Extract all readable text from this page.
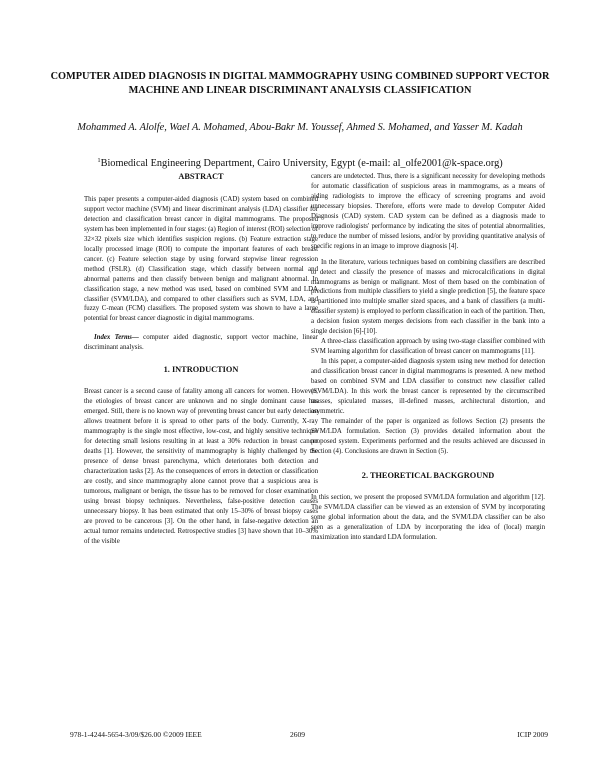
COMPUTER AIDED DIAGNOSIS IN DIGITAL MAMMOGRAPHY USING COMBINED SUPPORT VECTOR MACHINE AND LINEAR DISCRIMINANT ANALYSIS CLASSIFICATION
Mohammed A. Alolfe, Wael A. Mohamed, Abou-Bakr M. Youssef, Ahmed S. Mohamed, and Yasser M. Kadah
$^1$Biomedical Engineering Department, Cairo University, Egypt (e-mail: al_olfe2001@k-space.org)
ABSTRACT

This paper presents a computer-aided diagnosis (CAD) system based on combined support vector machine (SVM) and linear discriminant analysis (LDA) classifier for detection and classification breast cancer in digital mammograms. The proposed system has been implemented in four stages: (a) Region of interest (ROI) selection of 32×32 pixels size which identifies suspicion regions. (b) Feature extraction stage locally processed image (ROI) to compute the important features of each breast cancer. (c) Feature selection stage by using forward stepwise linear regression method (FSLR). (d) Classification stage, which classify between normal and abnormal patterns and then classify between benign and malignant abnormal. In classification stage, a new method was used, based on combined SVM and LDA classifier (SVM/LDA), and compared to other classifiers such as SVM, LDA, and fuzzy C-mean (FCM) classifiers. The proposed system was shown to have a large potential for breast cancer diagnostic in digital mammograms.

Index Terms— computer aided diagnostic, support vector machine, linear discriminant analysis.

1. INTRODUCTION

Breast cancer is a second cause of fatality among all cancers for women. However, the etiologies of breast cancer are unknown and no single dominant cause has emerged. Still, there is no known way of preventing breast cancer but early detection allows treatment before it is spread to other parts of the body. Currently, X-ray mammography is the single most effective, low-cost, and highly sensitive technique for detecting small lesions resulting in at least a 30% reduction in breast cancer deaths [1]. However, the sensitivity of mammography is highly challenged by the presence of dense breast parenchyma, which deteriorates both detection and characterization tasks [2]. As the consequences of errors in detection or classification are costly, and since mammography alone cannot prove that a suspicious area is tumorous, malignant or benign, the tissue has to be removed for closer examination using breast biopsy techniques. Nevertheless, false-positive detection causes unnecessary biopsy. It has been estimated that only 15–30% of breast biopsy cases are proved to be cancerous [3]. On the other hand, in false-negative detection an actual tumor remains undetected. Retrospective studies [3] have shown that 10–30% of the visible

cancers are undetected. Thus, there is a significant necessity for developing methods for automatic classification of suspicious areas in mammograms, as a means of aiding radiologists to improve the efficacy of screening programs and avoid unnecessary biopsies. Therefore, efforts were made to develop Computer Aided Diagnosis (CAD) system. CAD system can be defined as a diagnosis made to improve radiologists' performance by indicating the sites of potential abnormalities, to reduce the number of missed lesions, and/or by providing quantitative analysis of specific regions in an image to improve diagnosis [4].

In the literature, various techniques based on combining classifiers are described to detect and classify the presence of masses and microcalcifications in digital mammograms as benign or malignant. Most of them based on the combination of predictions from multiple classifiers to yield a single prediction [5], the feature space is partitioned into multiple smaller sized spaces, and a bank of classifiers (a multi-classifier system) is employed to perform classification in each of the partition. Then, a decision fusion system merges decisions from each classifier in the bank into a single decision [6]-[10].

A three-class classification approach by using two-stage classifier combined with SVM learning algorithm for classification of breast cancer on mammograms [11].

In this paper, a computer-aided diagnosis system using new method for detection and classification breast cancer in digital mammograms is presented. A new method based on combined SVM and LDA classifier to construct new classifier called (SVM/LDA). In this work the breast cancer is represented by the circumscribed masses, spiculated masses, ill-defined masses, architectural distortion, and asymmetric.

The remainder of the paper is organized as follows Section (2) presents the SVM/LDA formulation. Section (3) provides detailed information about the proposed system. Experiments performed and the results achieved are discussed in Section (4). Conclusions are drawn in Section (5).

2. THEORETICAL BACKGROUND

In this section, we present the proposed SVM/LDA formulation and algorithm [12]. The SVM/LDA classifier can be viewed as an extension of SVM by incorporating some global information about the data, and the SVM/LDA classifier can be also seen as a generalization of LDA by incorporating the idea of (local) margin maximization into standard LDA formulation.

978-1-4244-5654-3/09/$26.00 ©2009 IEEE	2609	ICIP 2009
